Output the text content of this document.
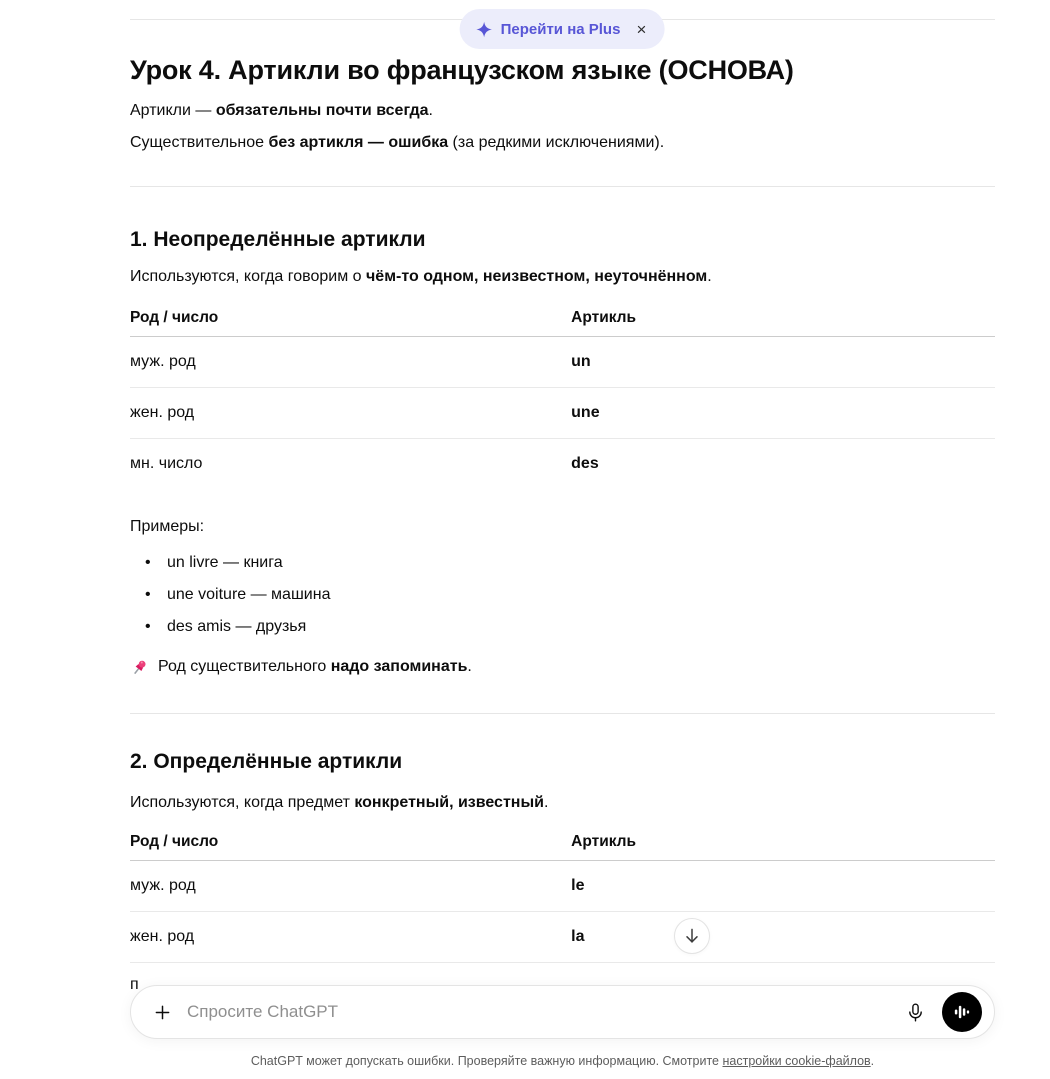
Перейти на Plus ×
Урок 4. Артикли во французском языке (ОСНОВА)

Артикли — обязательны почти всегда.

Существительное без артикля — ошибка (за редкими исключениями).

1. Неопределённые артикли

Используются, когда говорим о чём-то одном, неизвестном, неуточнённом.

Род / число	Артикль
муж. род	un
жен. род	une
мн. число	des

Примеры:

• un livre — книга
• une voiture — машина
• des amis — друзья

Род существительного надо запоминать.

2. Определённые артикли

Используются, когда предмет конкретный, известный.

Род / число	Артикль
муж. род	le
жен. род	la
п
Спросите ChatGPT
ChatGPT может допускать ошибки. Проверяйте важную информацию. Смотрите настройки cookie-файлов.
